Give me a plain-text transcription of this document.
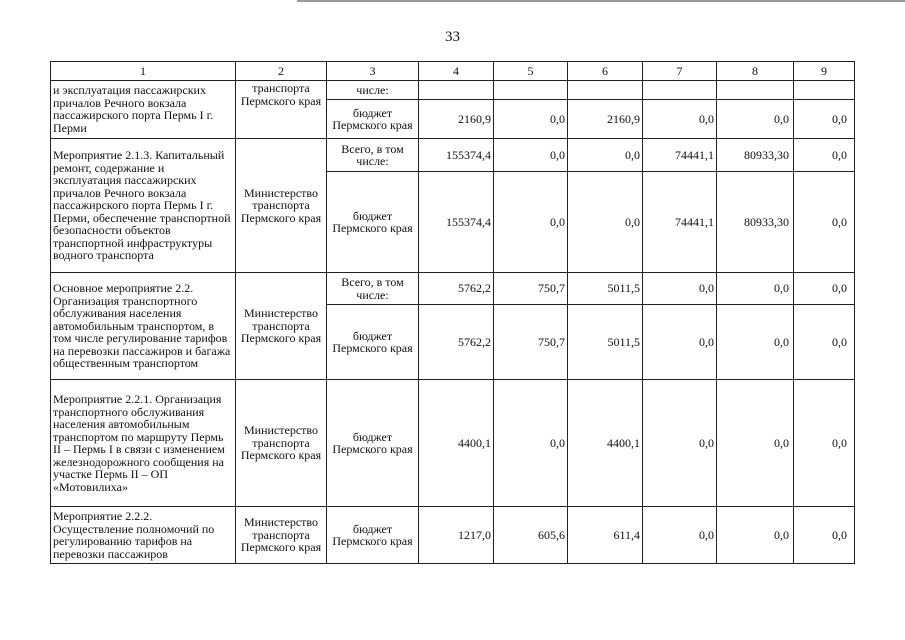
33
1	2	3	4	5	6	7	8	9
и эксплуатация пассажирских причалов Речного вокзала пассажирского порта Пермь I г. Перми	транспорта Пермского края	числе:						
		бюджет Пермского края	2160,9	0,0	2160,9	0,0	0,0	0,0
Мероприятие 2.1.3. Капитальный ремонт, содержание и эксплуатация пассажирских причалов Речного вокзала пассажирского порта Пермь I г. Перми, обеспечение транспортной безопасности объектов транспортной инфраструктуры водного транспорта	Министерство транспорта Пермского края	Всего, в том числе:	155374,4	0,0	0,0	74441,1	80933,30	0,0
		бюджет Пермского края	155374,4	0,0	0,0	74441,1	80933,30	0,0
Основное мероприятие 2.2. Организация транспортного обслуживания населения автомобильным транспортом, в том числе регулирование тарифов на перевозки пассажиров и багажа общественным транспортом	Министерство транспорта Пермского края	Всего, в том числе:	5762,2	750,7	5011,5	0,0	0,0	0,0
		бюджет Пермского края	5762,2	750,7	5011,5	0,0	0,0	0,0
Мероприятие 2.2.1. Организация транспортного обслуживания населения автомобильным транспортом по маршруту Пермь II – Пермь I в связи с изменением железнодорожного сообщения на участке Пермь II – ОП «Мотовилиха»	Министерство транспорта Пермского края	бюджет Пермского края	4400,1	0,0	4400,1	0,0	0,0	0,0
Мероприятие 2.2.2. Осуществление полномочий по регулированию тарифов на перевозки пассажиров	Министерство транспорта Пермского края	бюджет Пермского края	1217,0	605,6	611,4	0,0	0,0	0,0
